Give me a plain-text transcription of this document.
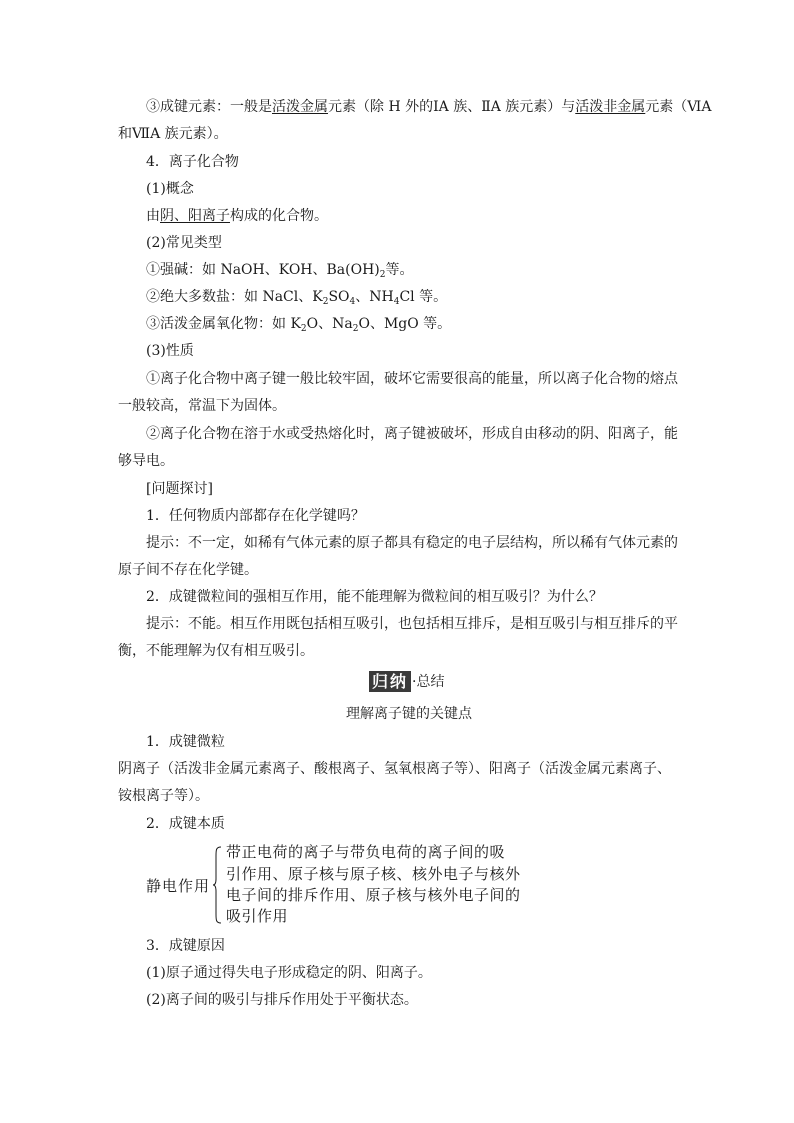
③成键元素：一般是活泼金属元素（除 H 外的ⅠA 族、ⅡA 族元素）与活泼非金属元素（ⅥA
和ⅦA 族元素）。
4．离子化合物
(1)概念
由阴、阳离子构成的化合物。
(2)常见类型
①强碱：如 NaOH、KOH、$Ba(OH)_2$等。
②绝大多数盐：如 NaCl、$K_2SO_4$、$NH_4Cl$ 等。
③活泼金属氧化物：如 $K_2O$、$Na_2O$、MgO 等。
(3)性质
①离子化合物中离子键一般比较牢固，破坏它需要很高的能量，所以离子化合物的熔点
一般较高，常温下为固体。
②离子化合物在溶于水或受热熔化时，离子键被破坏，形成自由移动的阴、阳离子，能
够导电。
[问题探讨]
1．任何物质内部都存在化学键吗？
提示：不一定，如稀有气体元素的原子都具有稳定的电子层结构，所以稀有气体元素的
原子间不存在化学键。
2．成键微粒间的强相互作用，能不能理解为微粒间的相互吸引？为什么？
提示：不能。相互作用既包括相互吸引，也包括相互排斥，是相互吸引与相互排斥的平
衡，不能理解为仅有相互吸引。
归纳 ·总结
理解离子键的关键点
1．成键微粒
阴离子（活泼非金属元素离子、酸根离子、氢氧根离子等）、阳离子（活泼金属元素离子、
铵根离子等）。
2．成键本质
静电作用
带正电荷的离子与带负电荷的离子间的吸
引作用、原子核与原子核、核外电子与核外
电子间的排斥作用、原子核与核外电子间的
吸引作用
3．成键原因
(1)原子通过得失电子形成稳定的阴、阳离子。
(2)离子间的吸引与排斥作用处于平衡状态。
